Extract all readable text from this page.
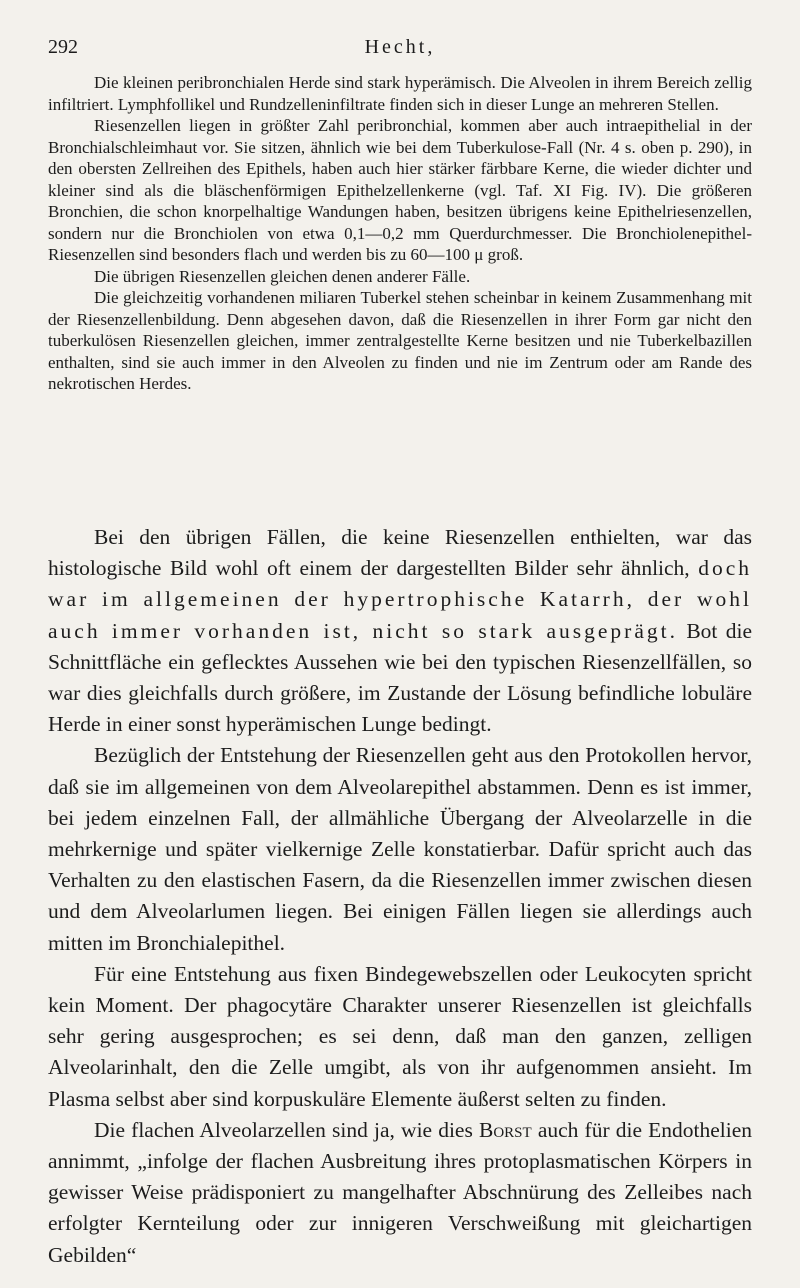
292	Hecht,

Die kleinen peribronchialen Herde sind stark hyperämisch. Die Alveolen in ihrem Bereich zellig infiltriert. Lymphfollikel und Rundzelleninfiltrate finden sich in dieser Lunge an mehreren Stellen.

Riesenzellen liegen in größter Zahl peribronchial, kommen aber auch intraepithelial in der Bronchialschleimhaut vor. Sie sitzen, ähnlich wie bei dem Tuberkulose-Fall (Nr. 4 s. oben p. 290), in den obersten Zellreihen des Epithels, haben auch hier stärker färbbare Kerne, die wieder dichter und kleiner sind als die bläschenförmigen Epithelzellenkerne (vgl. Taf. XI Fig. IV). Die größeren Bronchien, die schon knorpelhaltige Wandungen haben, besitzen übrigens keine Epithelriesenzellen, sondern nur die Bronchiolen von etwa 0,1—0,2 mm Querdurchmesser. Die Bronchiolenepithel-Riesenzellen sind besonders flach und werden bis zu 60—100 μ groß.

Die übrigen Riesenzellen gleichen denen anderer Fälle.

Die gleichzeitig vorhandenen miliaren Tuberkel stehen scheinbar in keinem Zusammenhang mit der Riesenzellenbildung. Denn abgesehen davon, daß die Riesenzellen in ihrer Form gar nicht den tuberkulösen Riesenzellen gleichen, immer zentralgestellte Kerne besitzen und nie Tuberkelbazillen enthalten, sind sie auch immer in den Alveolen zu finden und nie im Zentrum oder am Rande des nekrotischen Herdes.

Bei den übrigen Fällen, die keine Riesenzellen enthielten, war das histologische Bild wohl oft einem der dargestellten Bilder sehr ähnlich, doch war im allgemeinen der hypertrophische Katarrh, der wohl auch immer vorhanden ist, nicht so stark ausgeprägt. Bot die Schnittfläche ein gefl‍ecktes Aussehen wie bei den typischen Riesenzellfällen, so war dies gleichfalls durch größere, im Zustande der Lösung befindliche lobuläre Herde in einer sonst hyperämischen Lunge bedingt.

Bezüglich der Entstehung der Riesenzellen geht aus den Protokollen hervor, daß sie im allgemeinen von dem Alveolarepithel abstammen. Denn es ist immer, bei jedem einzelnen Fall, der allmähliche Übergang der Alveolarzelle in die mehrkernige und später vielkernige Zelle konstatierbar. Dafür spricht auch das Verhalten zu den elastischen Fasern, da die Riesenzellen immer zwischen diesen und dem Alveolarlumen liegen. Bei einigen Fällen liegen sie allerdings auch mitten im Bronchialepithel.

Für eine Entstehung aus fixen Bindegewebszellen oder Leukocyten spricht kein Moment. Der phagocytäre Charakter unserer Riesenzellen ist gleichfalls sehr gering ausgesprochen; es sei denn, daß man den ganzen, zelligen Alveolarinhalt, den die Zelle umgibt, als von ihr aufgenommen ansieht. Im Plasma selbst aber sind korpuskuläre Elemente äußerst selten zu finden.

Die flachen Alveolarzellen sind ja, wie dies Borst auch für die Endothelien annimmt, „infolge der flachen Ausbreitung ihres protoplasmatischen Körpers in gewisser Weise prädisponiert zu mangelhafter Abschnürung des Zelleibes nach erfolgter Kernteilung oder zur innigeren Verschweißung mit gleichartigen Gebilden“
